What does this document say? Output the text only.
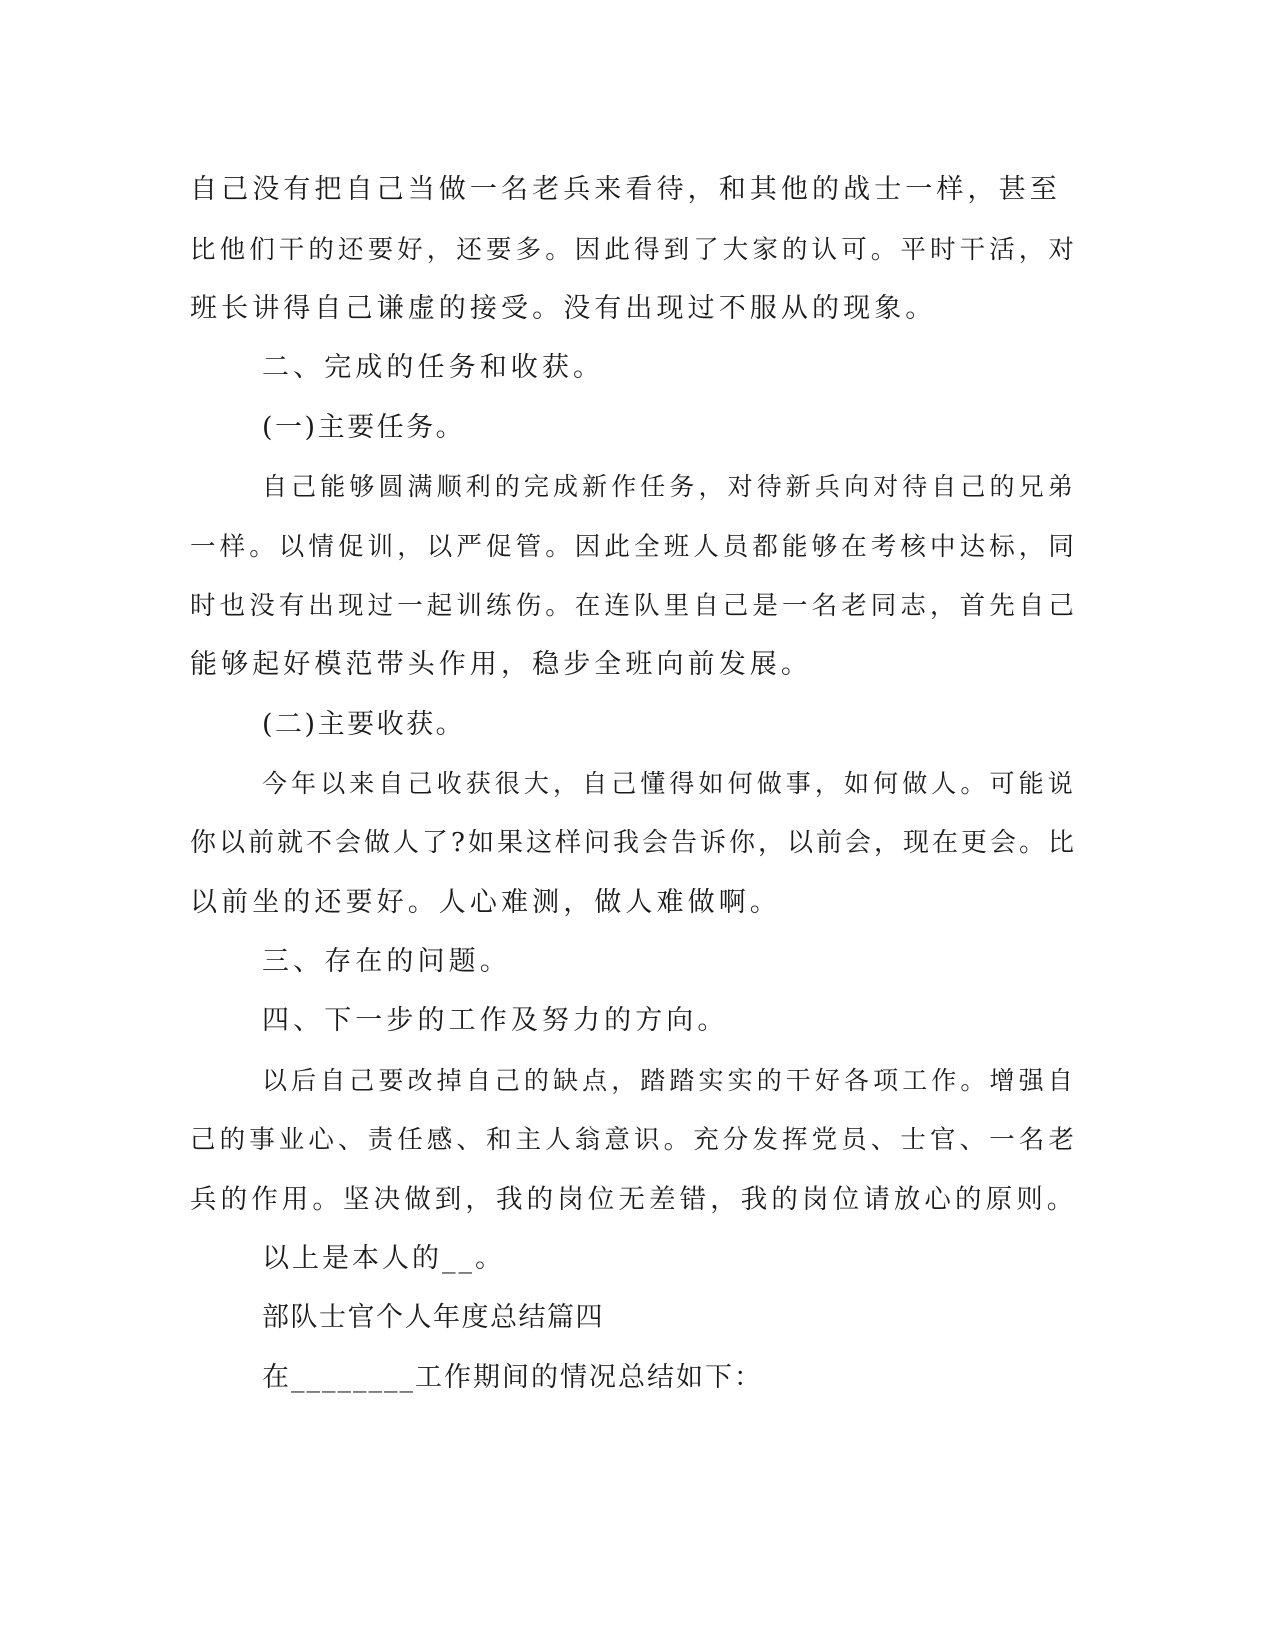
自己没有把自己当做一名老兵来看待，和其他的战士一样，甚至
比他们干的还要好，还要多。因此得到了大家的认可。平时干活，对
班长讲得自己谦虚的接受。没有出现过不服从的现象。
二、完成的任务和收获。
(一)主要任务。
自己能够圆满顺利的完成新作任务，对待新兵向对待自己的兄弟
一样。以情促训，以严促管。因此全班人员都能够在考核中达标，同
时也没有出现过一起训练伤。在连队里自己是一名老同志，首先自己
能够起好模范带头作用，稳步全班向前发展。
(二)主要收获。
今年以来自己收获很大，自己懂得如何做事，如何做人。可能说
你以前就不会做人了?如果这样问我会告诉你，以前会，现在更会。比
以前坐的还要好。人心难测，做人难做啊。
三、存在的问题。
四、下一步的工作及努力的方向。
以后自己要改掉自己的缺点，踏踏实实的干好各项工作。增强自
己的事业心、责任感、和主人翁意识。充分发挥党员、士官、一名老
兵的作用。坚决做到，我的岗位无差错，我的岗位请放心的原则。
以上是本人的__。
部队士官个人年度总结篇四
在________工作期间的情况总结如下：
